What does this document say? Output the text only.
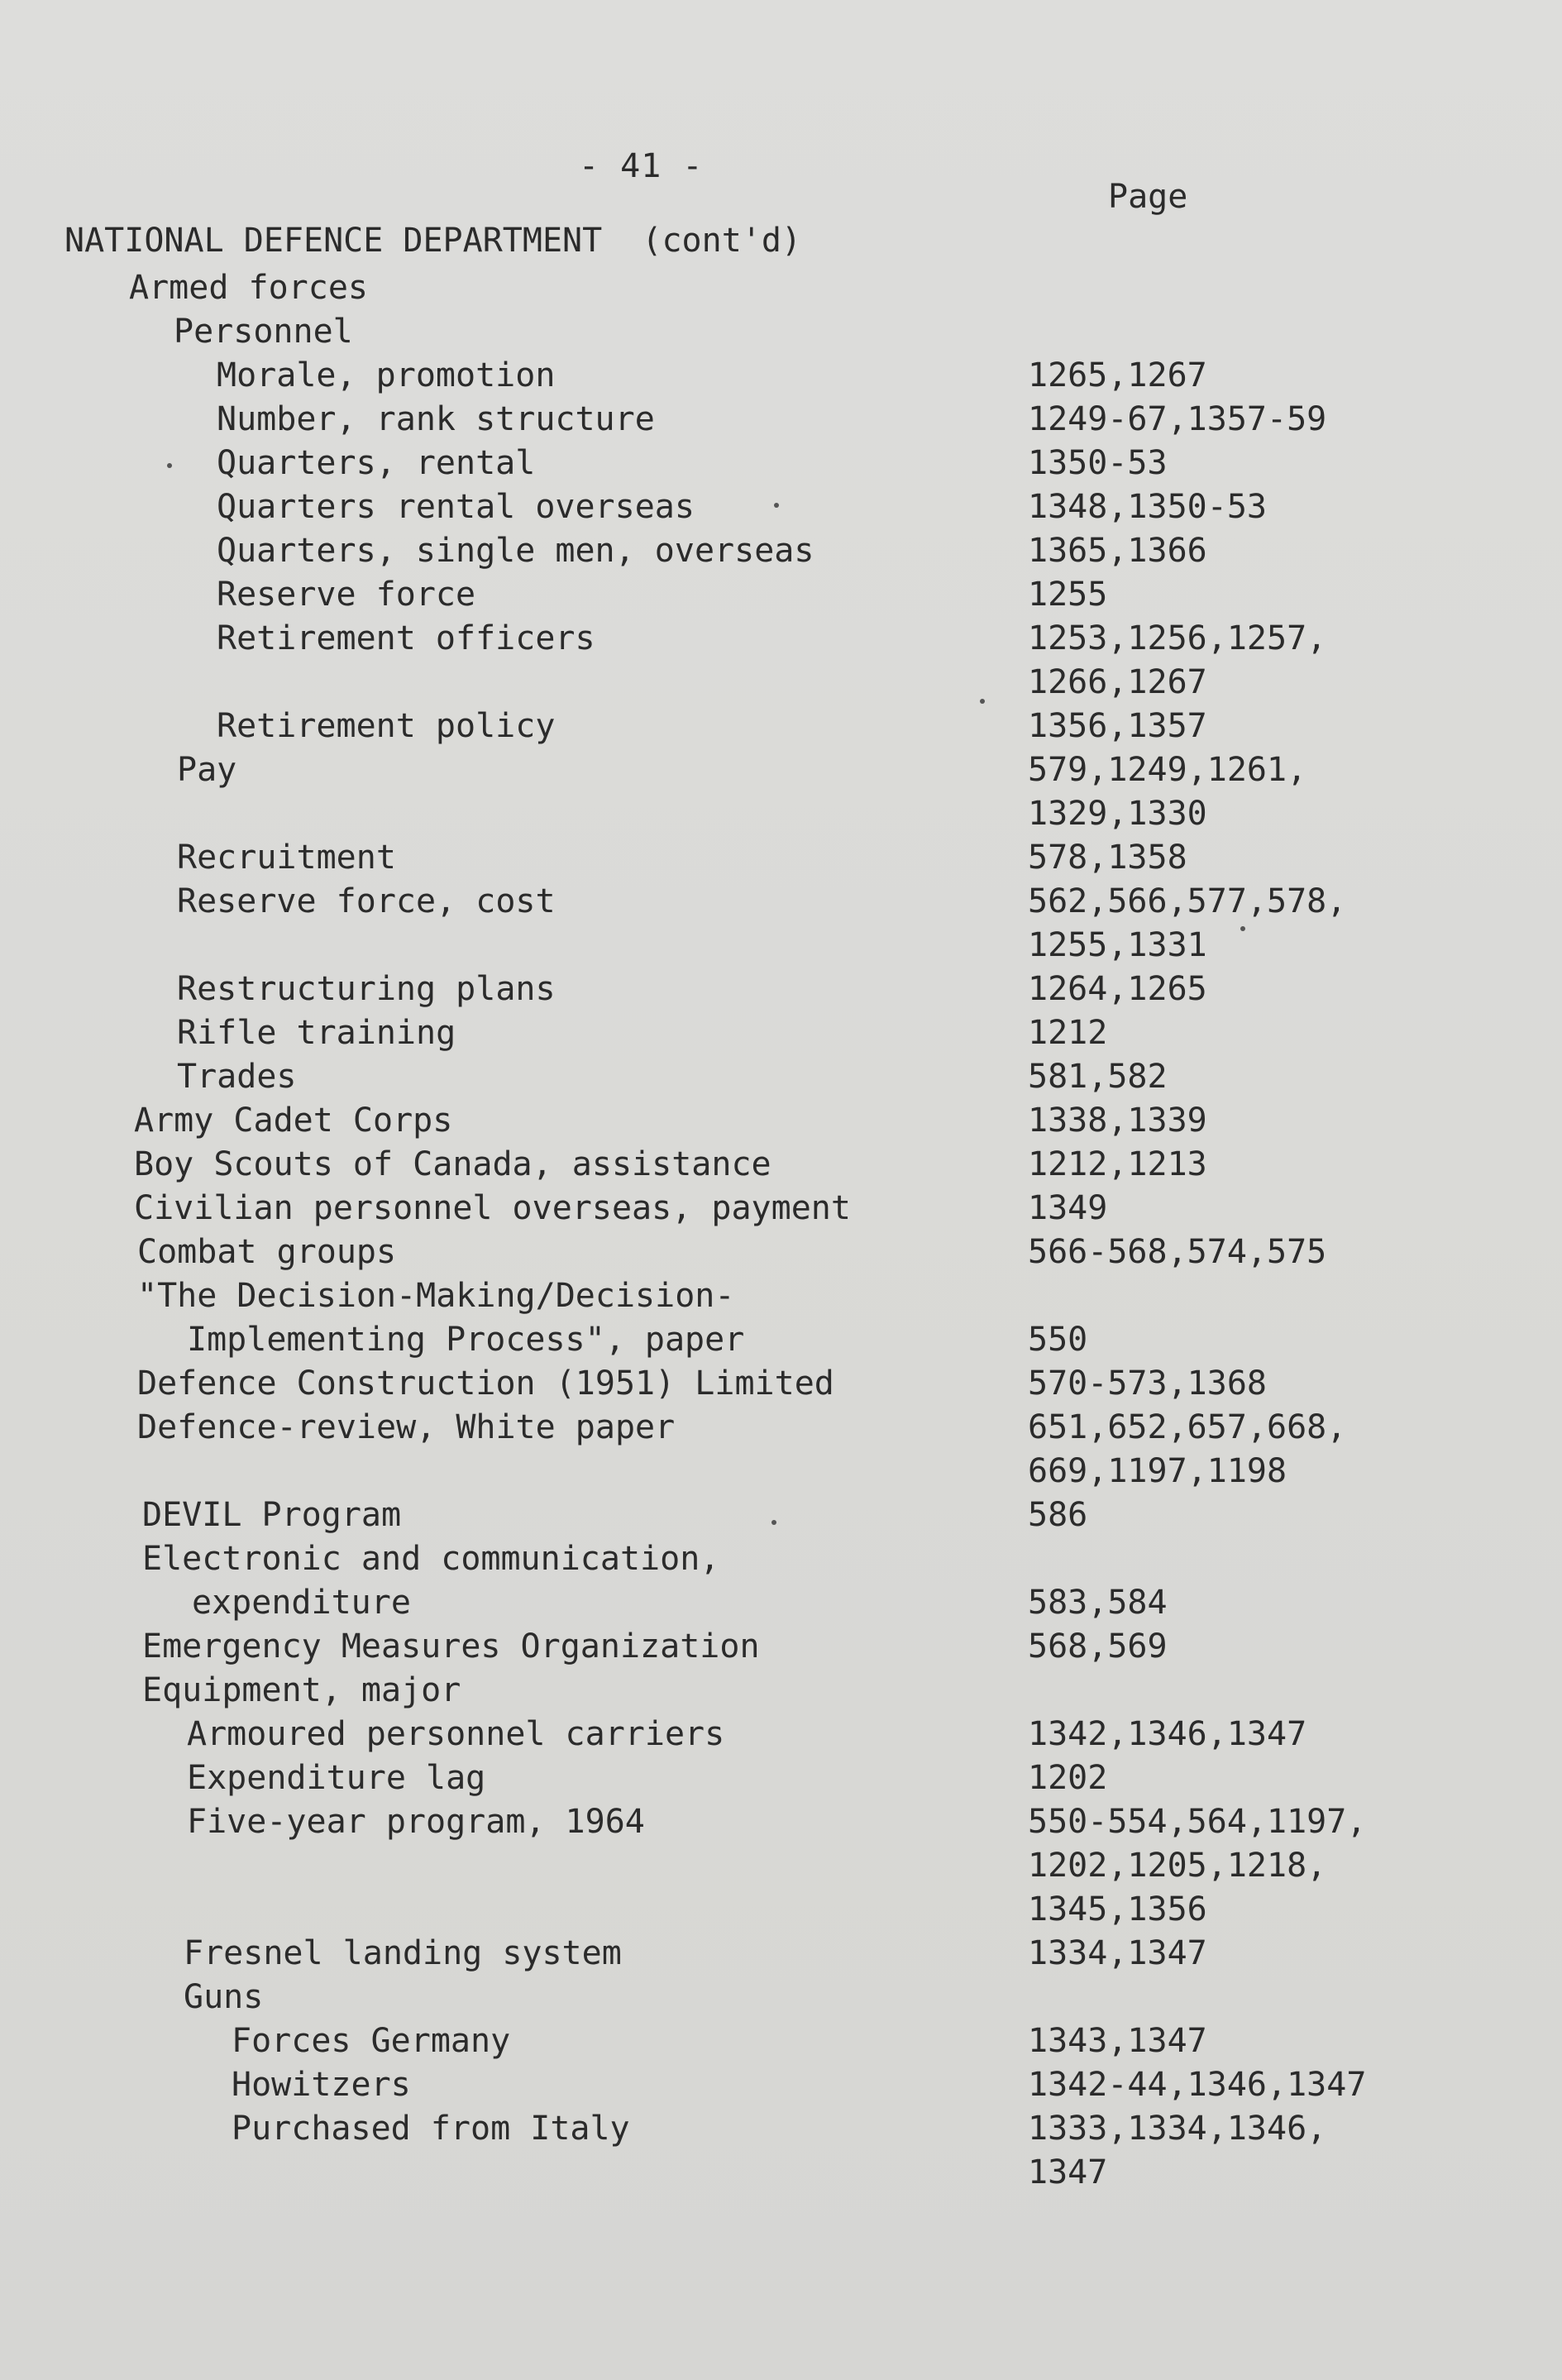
- 41 -
Page
NATIONAL DEFENCE DEPARTMENT  (cont'd)
Armed forces
Personnel
Morale, promotion	1265,1267
Number, rank structure	1249-67,1357-59
Quarters, rental	1350-53
Quarters rental overseas	1348,1350-53
Quarters, single men, overseas	1365,1366
Reserve force	1255
Retirement officers	1253,1256,1257,
1266,1267
Retirement policy	1356,1357
Pay	579,1249,1261,
1329,1330
Recruitment	578,1358
Reserve force, cost	562,566,577,578,
1255,1331
Restructuring plans	1264,1265
Rifle training	1212
Trades	581,582
Army Cadet Corps	1338,1339
Boy Scouts of Canada, assistance	1212,1213
Civilian personnel overseas, payment	1349
Combat groups	566-568,574,575
"The Decision-Making/Decision-
Implementing Process", paper	550
Defence Construction (1951) Limited	570-573,1368
Defence-review, White paper	651,652,657,668,
669,1197,1198
DEVIL Program	586
Electronic and communication,
expenditure	583,584
Emergency Measures Organization	568,569
Equipment, major
Armoured personnel carriers	1342,1346,1347
Expenditure lag	1202
Five-year program, 1964	550-554,564,1197,
1202,1205,1218,
1345,1356
Fresnel landing system	1334,1347
Guns
Forces Germany	1343,1347
Howitzers	1342-44,1346,1347
Purchased from Italy	1333,1334,1346,
1347
